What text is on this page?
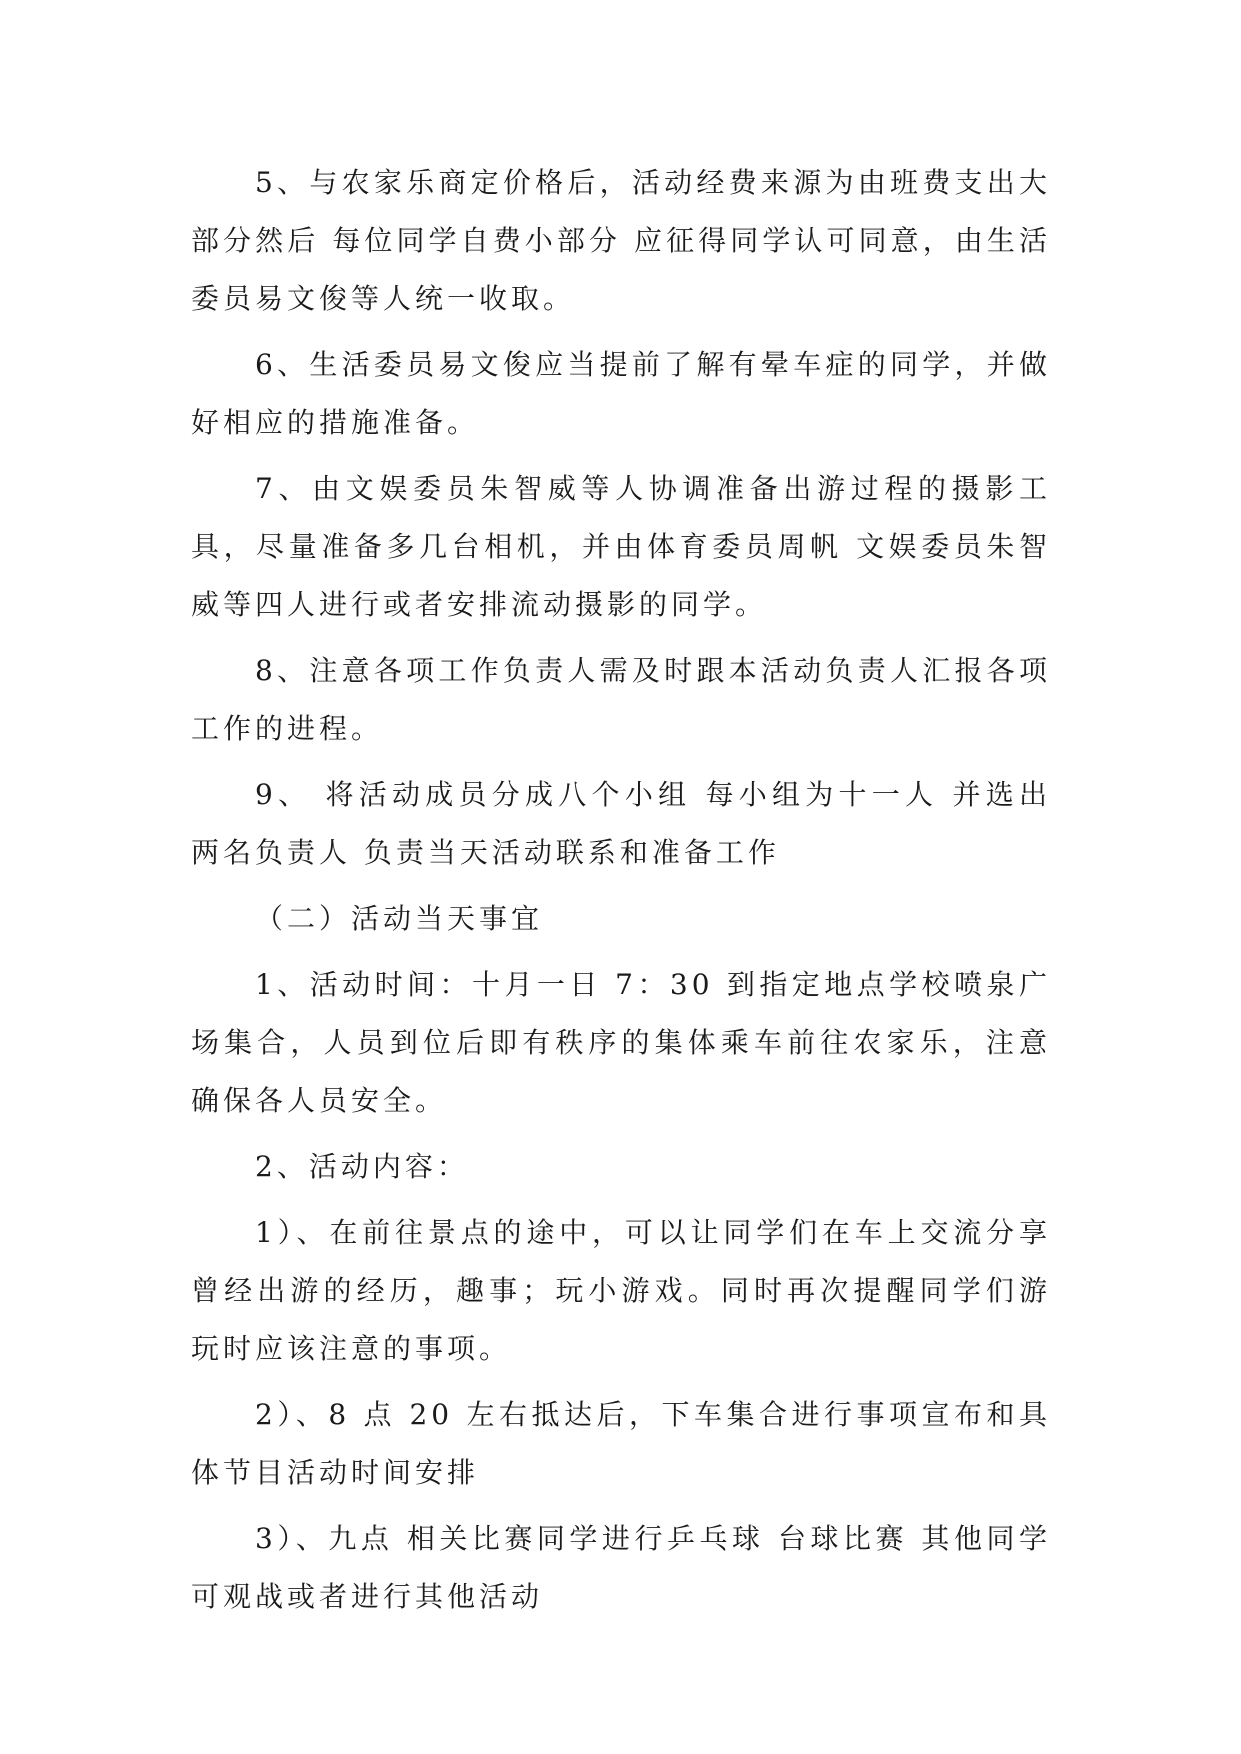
5、与农家乐商定价格后，活动经费来源为由班费支出大部分然后 每位同学自费小部分 应征得同学认可同意，由生活委员易文俊等人统一收取。

6、生活委员易文俊应当提前了解有晕车症的同学，并做好相应的措施准备。

7、由文娱委员朱智威等人协调准备出游过程的摄影工具，尽量准备多几台相机，并由体育委员周帆 文娱委员朱智威等四人进行或者安排流动摄影的同学。

8、注意各项工作负责人需及时跟本活动负责人汇报各项工作的进程。

9、 将活动成员分成八个小组 每小组为十一人 并选出两名负责人 负责当天活动联系和准备工作

（二）活动当天事宜

1、活动时间：十月一日 7：30 到指定地点学校喷泉广场集合，人员到位后即有秩序的集体乘车前往农家乐，注意确保各人员安全。

2、活动内容：

1）、在前往景点的途中，可以让同学们在车上交流分享曾经出游的经历，趣事；玩小游戏。同时再次提醒同学们游玩时应该注意的事项。

2）、8 点 20 左右抵达后，下车集合进行事项宣布和具体节目活动时间安排

3）、九点 相关比赛同学进行乒乓球 台球比赛 其他同学可观战或者进行其他活动
